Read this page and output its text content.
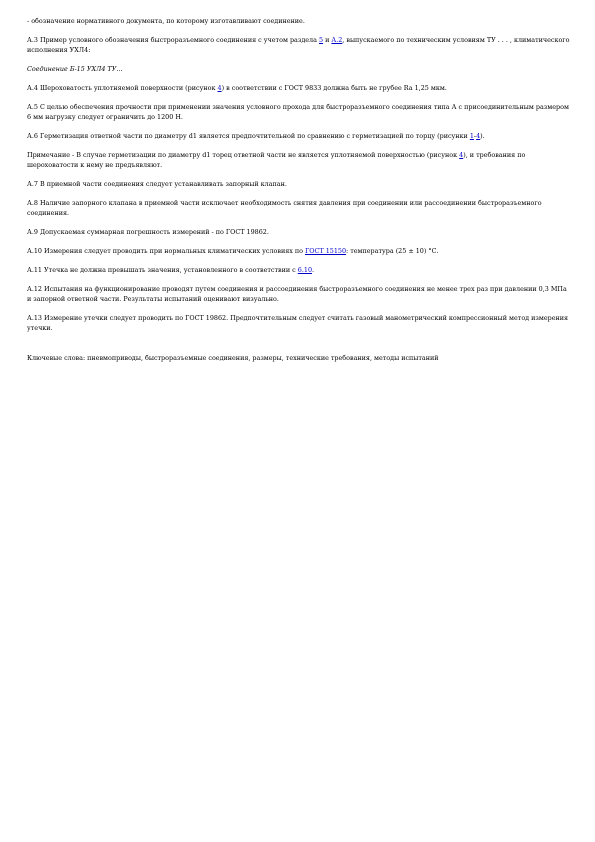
- обозначение нормативного документа, по которому изготавливают соединение.

А.3 Пример условного обозначения быстроразъемного соединения с учетом раздела 5 и А.2, выпускаемого по техническим условиям ТУ . . . , климатического исполнения УХЛ4:

Соединение Б-15 УХЛ4 ТУ...

А.4 Шероховатость уплотняемой поверхности (рисунок 4) в соответствии с ГОСТ 9833 должна быть не грубее Ra 1,25 мкм.

А.5 С целью обеспечения прочности при применении значения условного прохода для быстроразъемного соединения типа А с присоединительным размером 6 мм нагрузку следует ограничить до 1200 Н.

А.6 Герметизация ответной части по диаметру d1 является предпочтительной по сравнению с герметизацией по торцу (рисунки 1-4).

Примечание - В случае герметизации по диаметру d1 торец ответной части не является уплотняемой поверхностью (рисунок 4), и требования по шероховатости к нему не предъявляют.

А.7 В приемной части соединения следует устанавливать запорный клапан.

А.8 Наличие запорного клапана в приемной части исключает необходимость снятия давления при соединении или рассоединении быстроразъемного соединения.

А.9 Допускаемая суммарная погрешность измерений - по ГОСТ 19862.

А.10 Измерения следует проводить при нормальных климатических условиях по ГОСТ 15150: температура (25 ± 10) °С.

А.11 Утечка не должна превышать значения, установленного в соответствии с 6.10.

А.12 Испытания на функционирование проводят путем соединения и рассоединения быстроразъемного соединения не менее трех раз при давлении 0,3 МПа и запорной ответной части. Результаты испытаний оценивают визуально.

А.13 Измерение утечки следует проводить по ГОСТ 19862. Предпочтительным следует считать газовый манометрический компрессионный метод измерения утечки.

Ключевые слова: пневмоприводы, быстроразъемные соединения, размеры, технические требования, методы испытаний
